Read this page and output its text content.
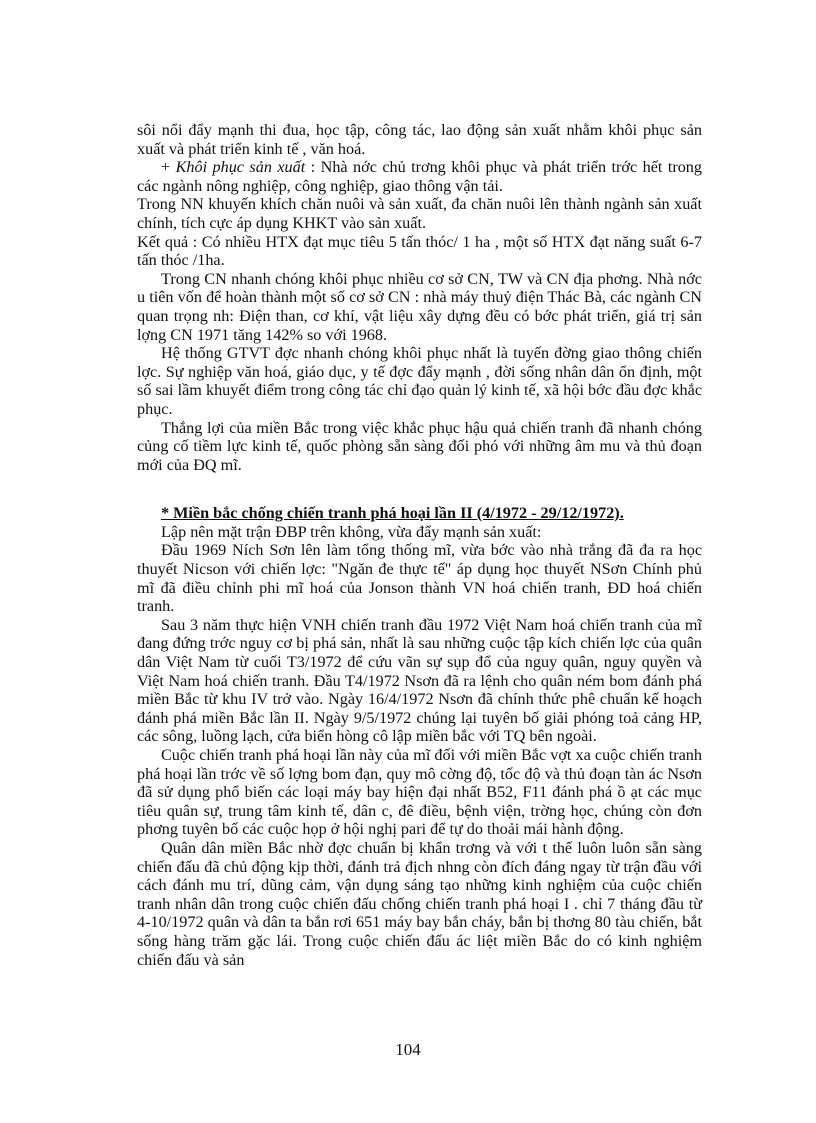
sôi nổi đẩy mạnh thi đua, học tập, công tác, lao động sản xuất nhằm khôi phục sản xuất và phát triển kinh tế , văn hoá.

+ Khôi phục sản xuất : Nhà nớc chủ trơng khôi phục và phát triển trớc hết trong các ngành nông nghiệp, công nghiệp, giao thông vận tải.

Trong NN khuyến khích chăn nuôi và sản xuất, đa chăn nuôi lên thành ngành sản xuất chính, tích cực áp dụng KHKT vào sản xuất.

Kết quả : Có nhiều HTX đạt mục tiêu 5 tấn thóc/ 1 ha , một số HTX đạt năng suất 6-7 tấn thóc /1ha.

Trong CN nhanh chóng khôi phục nhiều cơ sở CN, TW và CN địa phơng. Nhà nớc u tiên vốn để hoàn thành một số cơ sở CN : nhà máy thuỷ điện Thác Bà, các ngành CN quan trọng nh: Điện than, cơ khí, vật liệu xây dựng đều có bớc phát triển, giá trị sản lợng CN 1971 tăng 142% so với 1968.

Hệ thống GTVT đợc nhanh chóng khôi phục nhất là tuyến đờng giao thông chiến lợc. Sự nghiệp văn hoá, giáo dục, y tế đợc đẩy mạnh , đời sống nhân dân ổn định, một số sai lầm khuyết điểm trong công tác chỉ đạo quản lý kinh tế, xã hội bớc đầu đợc khắc phục.

Thắng lợi của miền Bắc trong việc khắc phục hậu quả chiến tranh đã nhanh chóng củng cố tiềm lực kinh tế, quốc phòng sẵn sàng đối phó với những âm mu và thủ đoạn mới của ĐQ mĩ.

* Miền bắc chống chiến tranh phá hoại lần II (4/1972 - 29/12/1972).

Lập nên mặt trận ĐBP trên không, vừa đẩy mạnh sản xuất:

Đầu 1969 Ních Sơn lên làm tổng thống mĩ, vừa bớc vào nhà trắng đã đa ra học thuyết Nicson với chiến lợc: "Ngăn đe thực tế" áp dụng học thuyết NSơn Chính phủ mĩ đã điều chỉnh phi mĩ hoá của Jonson thành VN hoá chiến tranh, ĐD hoá chiến tranh.

Sau 3 năm thực hiện VNH chiến tranh đầu 1972 Việt Nam hoá chiến tranh của mĩ đang đứng trớc nguy cơ bị phá sản, nhất là sau những cuộc tập kích chiến lợc của quân dân Việt Nam từ cuối T3/1972 để cứu vãn sự sụp đổ của nguy quân, nguy quyền và Việt Nam hoá chiến tranh. Đầu T4/1972 Nsơn đã ra lệnh cho quân ném bom đánh phá miền Bắc từ khu IV trở vào. Ngày 16/4/1972 Nsơn đã chính thức phê chuẩn kế hoạch đánh phá miền Bắc lần II. Ngày 9/5/1972 chúng lại tuyên bố giải phóng toả cảng HP, các sông, luồng lạch, cửa biển hòng cô lập miền bắc với TQ bên ngoài.

Cuộc chiến tranh phá hoại lần này của mĩ đối với miền Bắc vợt xa cuộc chiến tranh phá hoại lần trớc về số lợng bom đạn, quy mô cờng độ, tốc độ và thủ đoạn tàn ác Nsơn đã sử dụng phổ biến các loại máy bay hiện đại nhất B52, F11 đánh phá ồ ạt các mục tiêu quân sự, trung tâm kinh tế, dân c, đê điều, bệnh viện, trờng học, chúng còn đơn phơng tuyên bố các cuộc họp ở hội nghị pari để tự do thoải mái hành động.

Quân dân miền Bắc nhờ đợc chuẩn bị khẩn trơng và với t thế luôn luôn sẵn sàng chiến đấu đã chủ động kịp thời, đánh trả địch nhng còn đích đáng ngay từ trận đầu với cách đánh mu trí, dũng cảm, vận dụng sáng tạo những kinh nghiệm của cuộc chiến tranh nhân dân trong cuộc chiến đấu chống chiến tranh phá hoại I . chỉ 7 tháng đầu từ 4-10/1972 quân và dân ta bắn rơi 651 máy bay bắn cháy, bắn bị thơng 80 tàu chiến, bắt sống hàng trăm gặc lái. Trong cuộc chiến đấu ác liệt miền Bắc do có kinh nghiệm chiến đấu và sản

104
